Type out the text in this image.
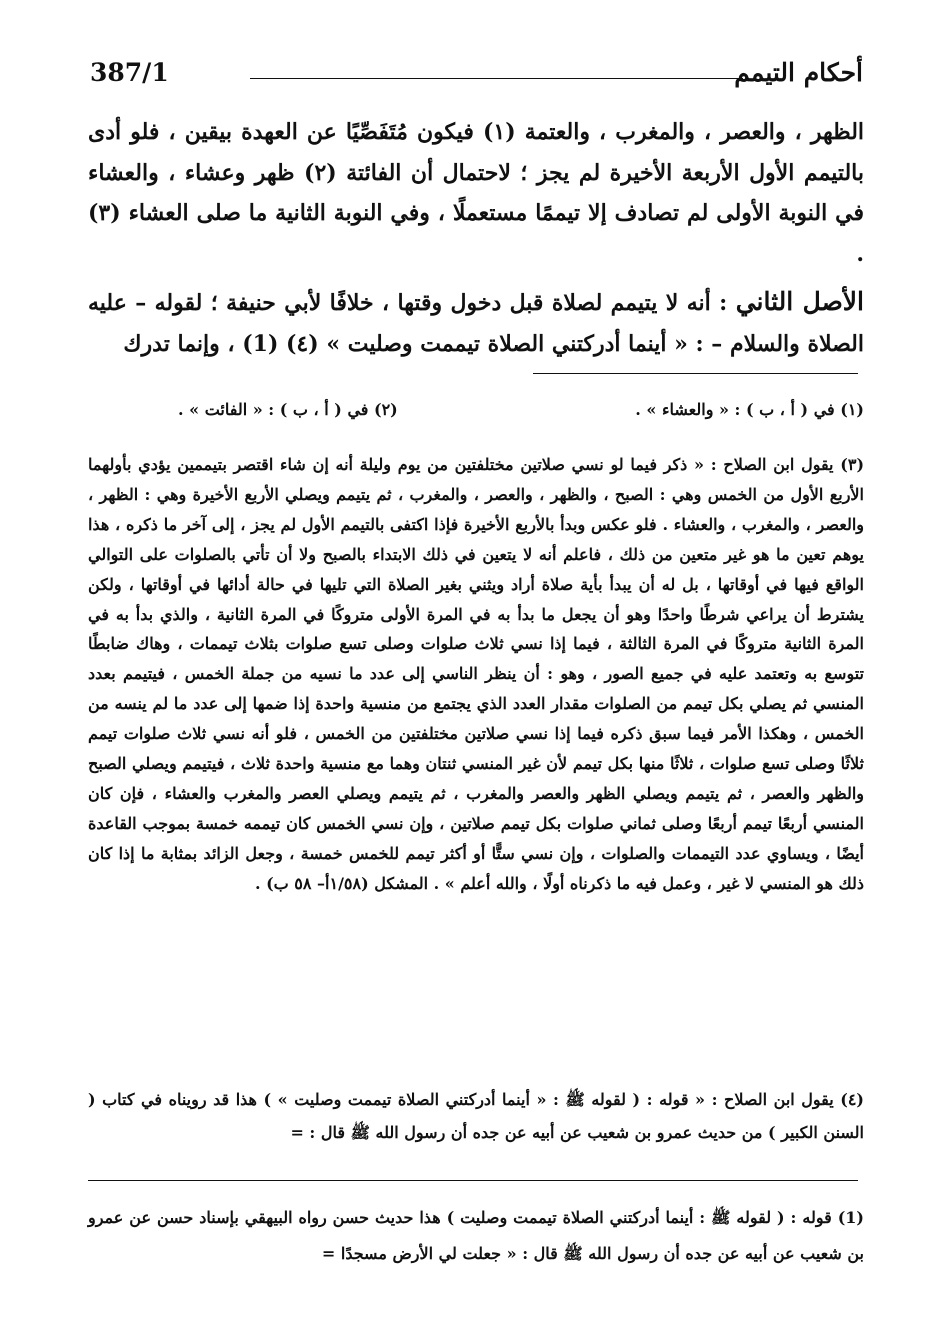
387/1	أحكام التيمم

الظهر ، والعصر ، والمغرب ، والعتمة (١) فيكون مُتَفَصِّيًا عن العهدة بيقين ، فلو أدى بالتيمم الأول الأربعة الأخيرة لم يجز ؛ لاحتمال أن الفائتة (٢) ظهر وعشاء ، والعشاء في النوبة الأولى لم تصادف إلا تيممًا مستعملًا ، وفي النوبة الثانية ما صلى العشاء (٣) .

الأصل الثاني : أنه لا يتيمم لصلاة قبل دخول وقتها ، خلافًا لأبي حنيفة ؛ لقوله – عليه الصلاة والسلام – : « أينما أدركتني الصلاة تيممت وصليت » (٤) (1) ، وإنما تدرك

(١) في ( أ ، ب ) : « والعشاء » .
(٢) في ( أ ، ب ) : « الفائت » .

(٣) يقول ابن الصلاح : « ذكر فيما لو نسي صلاتين مختلفتين من يوم وليلة أنه إن شاء اقتصر بتيممين يؤدي بأولهما الأربع الأول من الخمس وهي : الصبح ، والظهر ، والعصر ، والمغرب ، ثم يتيمم ويصلي الأربع الأخيرة وهي : الظهر ، والعصر ، والمغرب ، والعشاء . فلو عكس وبدأ بالأربع الأخيرة فإذا اكتفى بالتيمم الأول لم يجز ، إلى آخر ما ذكره ، هذا يوهم تعين ما هو غير متعين من ذلك ، فاعلم أنه لا يتعين في ذلك الابتداء بالصبح ولا أن تأتي بالصلوات على التوالي الواقع فيها في أوقاتها ، بل له أن يبدأ بأية صلاة أراد ويثني بغير الصلاة التي تليها في حالة أدائها في أوقاتها ، ولكن يشترط أن يراعي شرطًا واحدًا وهو أن يجعل ما بدأ به في المرة الأولى متروكًا في المرة الثانية ، والذي بدأ به في المرة الثانية متروكًا في المرة الثالثة ، فيما إذا نسي ثلاث صلوات وصلى تسع صلوات بثلاث تيممات ، وهاك ضابطًا تتوسع به وتعتمد عليه في جميع الصور ، وهو : أن ينظر الناسي إلى عدد ما نسيه من جملة الخمس ، فيتيمم بعدد المنسي ثم يصلي بكل تيمم من الصلوات مقدار العدد الذي يجتمع من منسية واحدة إذا ضمها إلى عدد ما لم ينسه من الخمس ، وهكذا الأمر فيما سبق ذكره فيما إذا نسي صلاتين مختلفتين من الخمس ، فلو أنه نسي ثلاث صلوات تيمم ثلاثًا وصلى تسع صلوات ، ثلاثًا منها بكل تيمم لأن غير المنسي ثنتان وهما مع منسية واحدة ثلاث ، فيتيمم ويصلي الصبح والظهر والعصر ، ثم يتيمم ويصلي الظهر والعصر والمغرب ، ثم يتيمم ويصلي العصر والمغرب والعشاء ، فإن كان المنسي أربعًا تيمم أربعًا وصلى ثماني صلوات بكل تيمم صلاتين ، وإن نسي الخمس كان تيممه خمسة بموجب القاعدة أيضًا ، ويساوي عدد التيممات والصلوات ، وإن نسي ستًّا أو أكثر تيمم للخمس خمسة ، وجعل الزائد بمثابة ما إذا كان ذلك هو المنسي لا غير ، وعمل فيه ما ذكرناه أولًا ، والله أعلم » . المشكل (١/٥٨أ– ٥٨ ب) .

(٤) يقول ابن الصلاح : « قوله : ( لقوله ﷺ : « أينما أدركتني الصلاة تيممت وصليت » ) هذا قد رويناه في كتاب ( السنن الكبير ) من حديث عمرو بن شعيب عن أبيه عن جده أن رسول الله ﷺ قال : =

(1) قوله : ( لقوله ﷺ : أينما أدركتني الصلاة تيممت وصليت ) هذا حديث حسن رواه البيهقي بإسناد حسن عن عمرو بن شعيب عن أبيه عن جده أن رسول الله ﷺ قال : « جعلت لي الأرض مسجدًا =
